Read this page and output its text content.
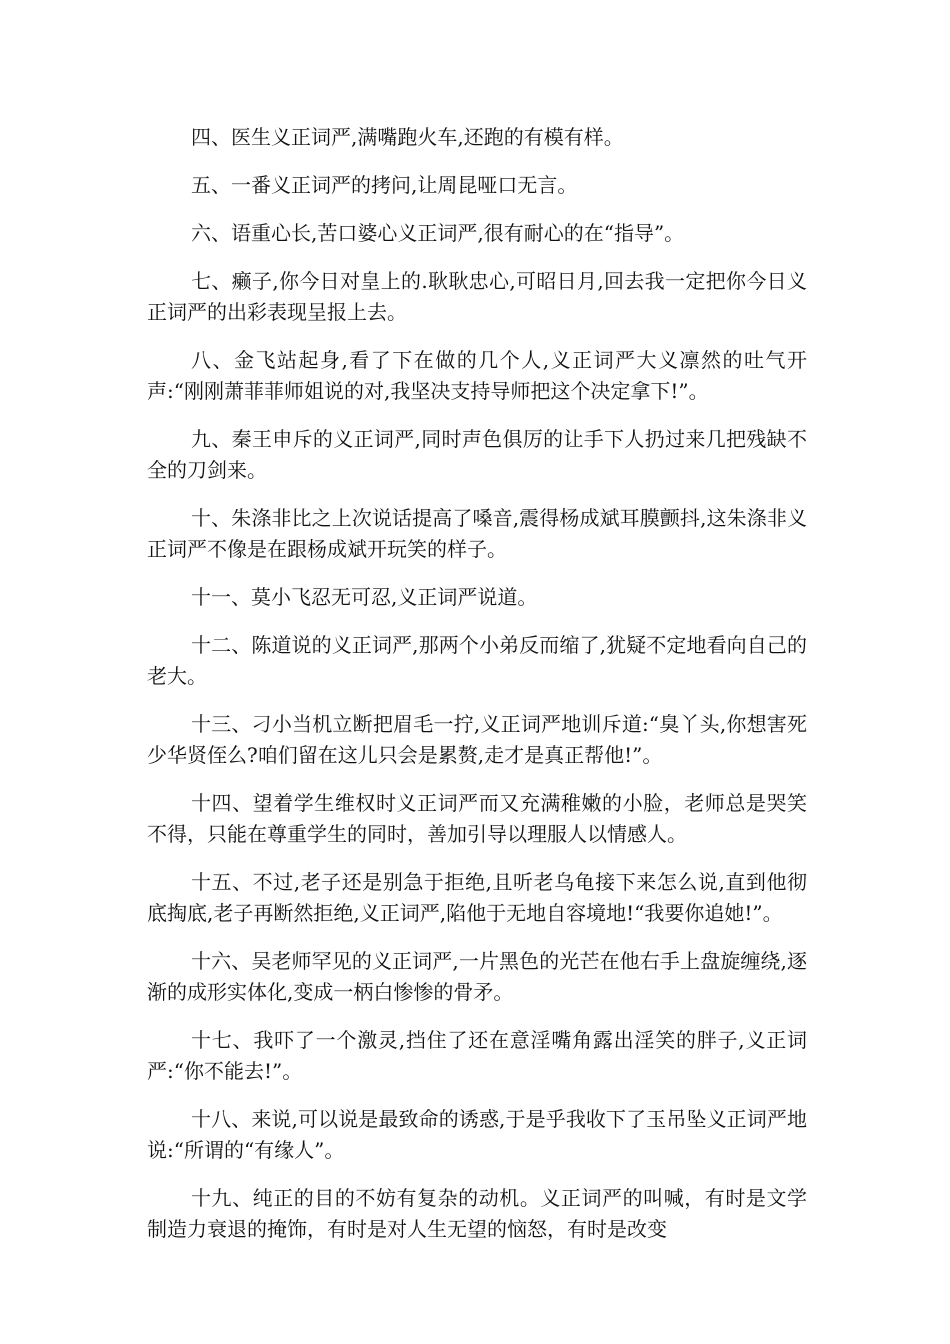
四、医生义正词严,满嘴跑火车,还跑的有模有样。

五、一番义正词严的拷问,让周昆哑口无言。

六、语重心长,苦口婆心义正词严,很有耐心的在“指导”。

七、癞子,你今日对皇上的.耿耿忠心,可昭日月,回去我一定把你今日义正词严的出彩表现呈报上去。

八、金飞站起身,看了下在做的几个人,义正词严大义凛然的吐气开声:“刚刚萧菲菲师姐说的对,我坚决支持导师把这个决定拿下!”。

九、秦王申斥的义正词严,同时声色俱厉的让手下人扔过来几把残缺不全的刀剑来。

十、朱涤非比之上次说话提高了嗓音,震得杨成斌耳膜颤抖,这朱涤非义正词严不像是在跟杨成斌开玩笑的样子。

十一、莫小飞忍无可忍,义正词严说道。

十二、陈道说的义正词严,那两个小弟反而缩了,犹疑不定地看向自己的老大。

十三、刁小当机立断把眉毛一拧,义正词严地训斥道:“臭丫头,你想害死少华贤侄么?咱们留在这儿只会是累赘,走才是真正帮他!”。

十四、望着学生维权时义正词严而又充满稚嫩的小脸，老师总是哭笑不得，只能在尊重学生的同时，善加引导以理服人以情感人。

十五、不过,老子还是别急于拒绝,且听老乌龟接下来怎么说,直到他彻底掏底,老子再断然拒绝,义正词严,陷他于无地自容境地!“我要你追她!”。

十六、吴老师罕见的义正词严,一片黑色的光芒在他右手上盘旋缠绕,逐渐的成形实体化,变成一柄白惨惨的骨矛。

十七、我吓了一个激灵,挡住了还在意淫嘴角露出淫笑的胖子,义正词严:“你不能去!”。

十八、来说,可以说是最致命的诱惑,于是乎我收下了玉吊坠义正词严地说:“所谓的“有缘人”。

十九、纯正的目的不妨有复杂的动机。义正词严的叫喊，有时是文学制造力衰退的掩饰，有时是对人生无望的恼怒，有时是改变
